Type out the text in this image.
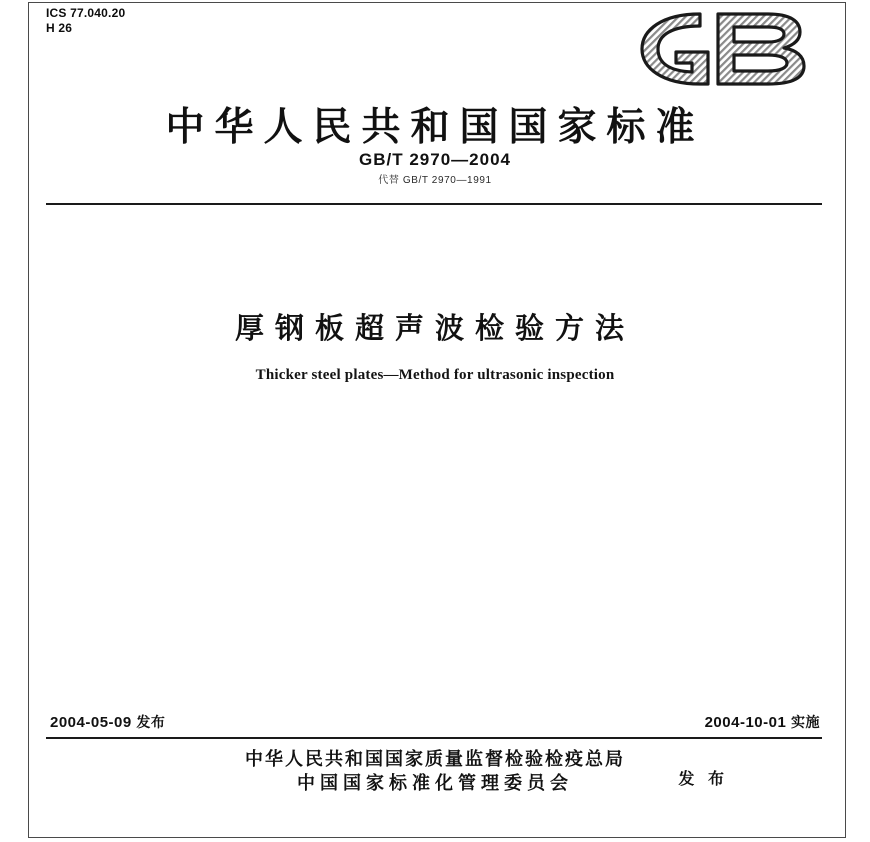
ICS 77.040.20
H 26
中华人民共和国国家标准
GB/T 2970—2004
代替 GB/T 2970—1991
厚钢板超声波检验方法
Thicker steel plates—Method for ultrasonic inspection
2004-05-09 发布	2004-10-01 实施
中华人民共和国国家质量监督检验检疫总局
中国国家标准化管理委员会	发 布
